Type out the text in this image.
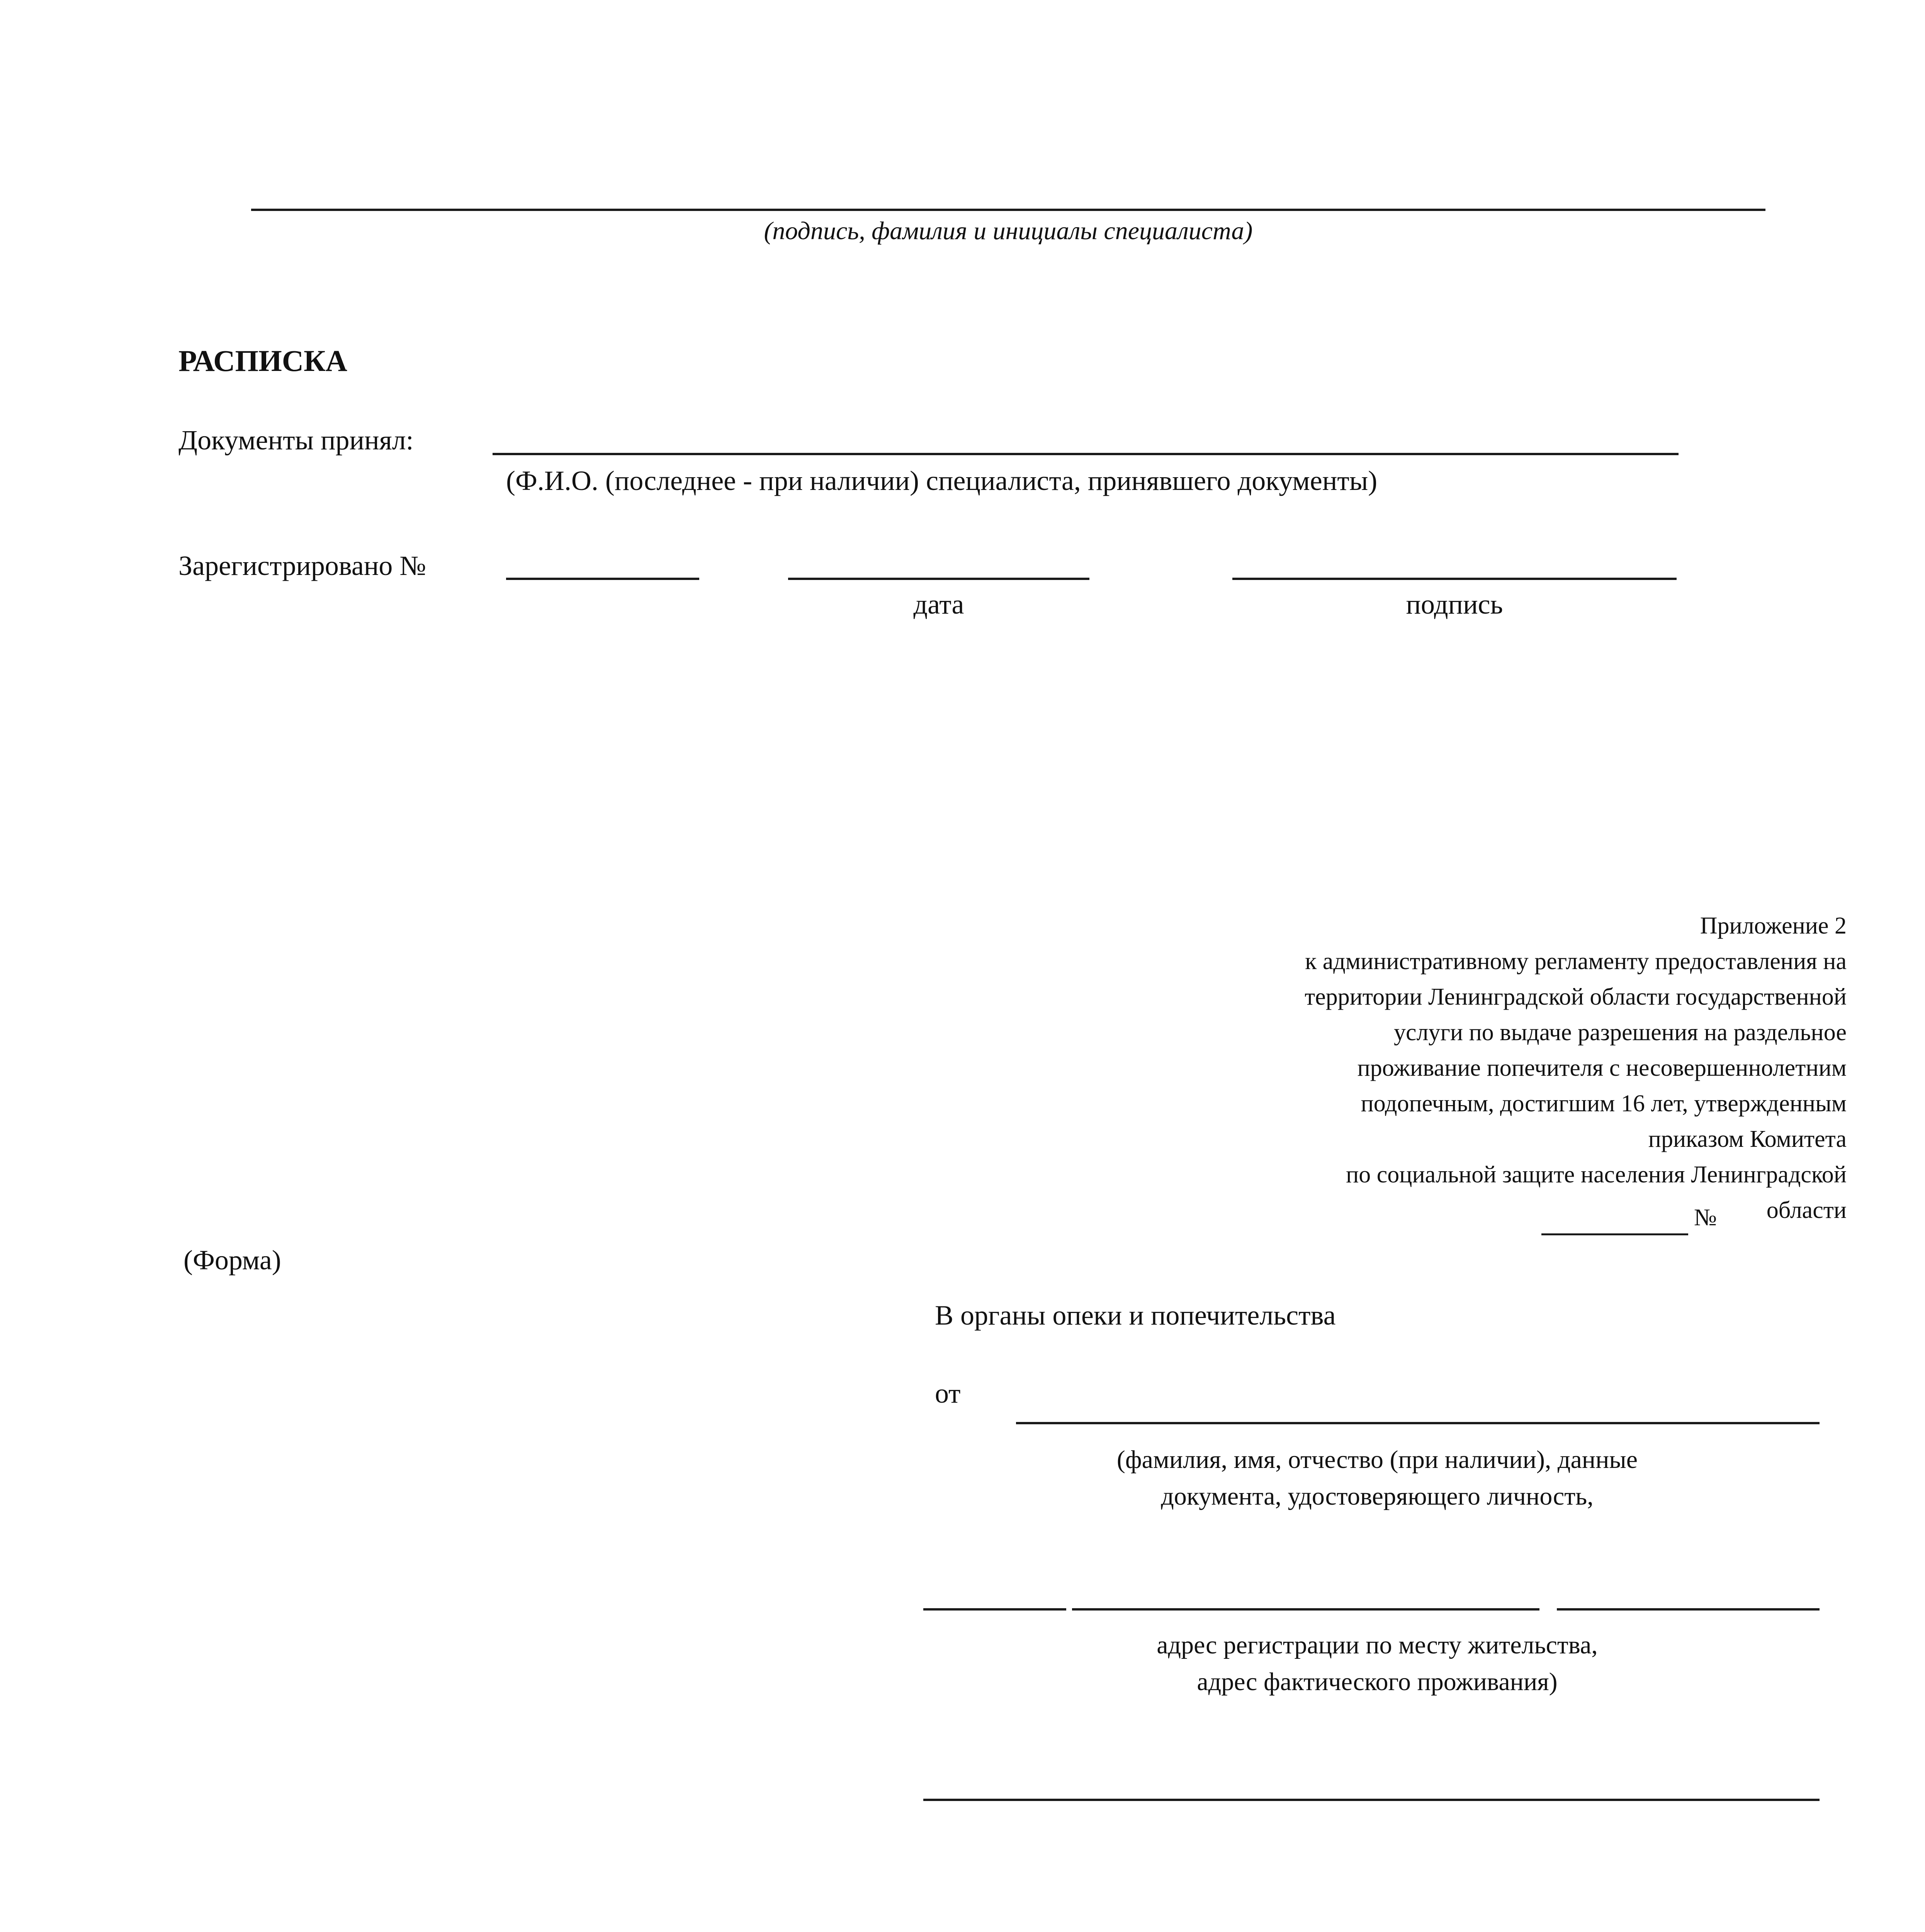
(подпись, фамилия и инициалы специалиста)
РАСПИСКА
Документы принял:
(Ф.И.О. (последнее - при наличии) специалиста, принявшего документы)
Зарегистрировано №
дата	подпись
Приложение 2
к административному регламенту предоставления на
территории Ленинградской области государственной
услуги по выдаче разрешения на раздельное
проживание попечителя с несовершеннолетним
подопечным, достигшим 16 лет, утвержденным
приказом Комитета
по социальной защите населения Ленинградской
области
№
(Форма)
В органы опеки и попечительства
от
(фамилия, имя, отчество (при наличии), данные
документа, удостоверяющего личность,
адрес регистрации по месту жительства,
адрес фактического проживания)
